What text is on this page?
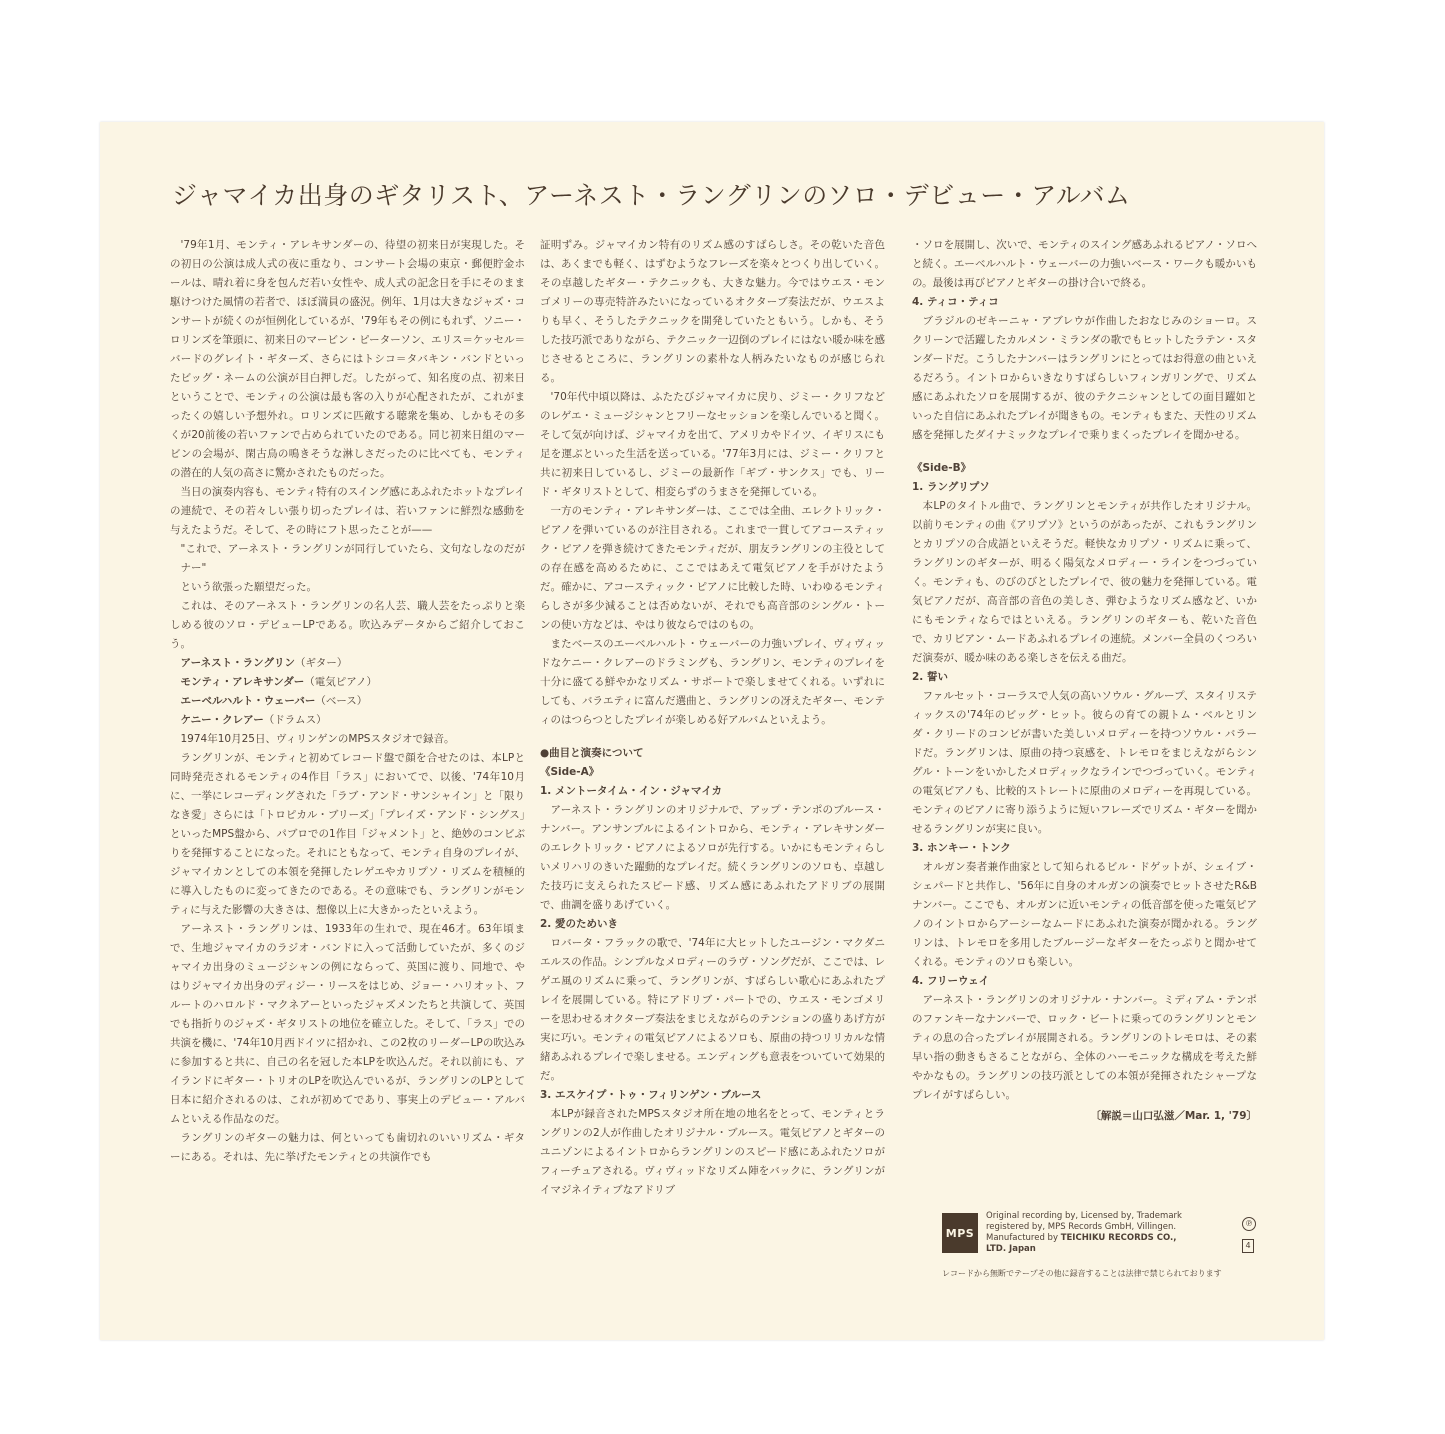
ジャマイカ出身のギタリスト、アーネスト・ラングリンのソロ・デビュー・アルバム

'79年1月、モンティ・アレキサンダーの、待望の初来日が実現した。その初日の公演は成人式の夜に重なり、コンサート会場の東京・郵便貯金ホールは、晴れ着に身を包んだ若い女性や、成人式の記念日を手にそのまま駆けつけた風情の若者で、ほぼ満員の盛況。例年、1月は大きなジャズ・コンサートが続くのが恒例化しているが、'79年もその例にもれず、ソニー・ロリンズを筆頭に、初来日のマービン・ピーターソン、エリス＝ケッセル＝バードのグレイト・ギターズ、さらにはトシコ＝タバキン・バンドといったビッグ・ネームの公演が目白押しだ。したがって、知名度の点、初来日ということで、モンティの公演は最も客の入りが心配されたが、これがまったくの嬉しい予想外れ。ロリンズに匹敵する聴衆を集め、しかもその多くが20前後の若いファンで占められていたのである。同じ初来日組のマービンの会場が、閑古鳥の鳴きそうな淋しさだったのに比べても、モンティの潜在的人気の高さに驚かされたものだった。

当日の演奏内容も、モンティ特有のスイング感にあふれたホットなプレイの連続で、その若々しい張り切ったプレイは、若いファンに鮮烈な感動を与えたようだ。そして、その時にフト思ったことが——

"これで、アーネスト・ラングリンが同行していたら、文句なしなのだがナー"

という欲張った願望だった。

これは、そのアーネスト・ラングリンの名人芸、職人芸をたっぷりと楽しめる彼のソロ・デビューLPである。吹込みデータからご紹介しておこう。

アーネスト・ラングリン（ギター）
モンティ・アレキサンダー（電気ピアノ）
エーベルハルト・ウェーバー（ベース）
ケニー・クレアー（ドラムス）

1974年10月25日、ヴィリンゲンのMPSスタジオで録音。

ラングリンが、モンティと初めてレコード盤で顔を合せたのは、本LPと同時発売されるモンティの4作目「ラス」においてで、以後、'74年10月に、一挙にレコーディングされた「ラブ・アンド・サンシャイン」と「限りなき愛」さらには「トロピカル・ブリーズ」「プレイズ・アンド・シングス」といったMPS盤から、パブロでの1作目「ジャメント」と、絶妙のコンビぶりを発揮することになった。それにともなって、モンティ自身のプレイが、ジャマイカンとしての本領を発揮したレゲエやカリプソ・リズムを積極的に導入したものに変ってきたのである。その意味でも、ラングリンがモンティに与えた影響の大きさは、想像以上に大きかったといえよう。

アーネスト・ラングリンは、1933年の生れで、現在46才。63年頃まで、生地ジャマイカのラジオ・バンドに入って活動していたが、多くのジャマイカ出身のミュージシャンの例にならって、英国に渡り、同地で、やはりジャマイカ出身のディジー・リースをはじめ、ジョー・ハリオット、フルートのハロルド・マクネアーといったジャズメンたちと共演して、英国でも指折りのジャズ・ギタリストの地位を確立した。そして、「ラス」での共演を機に、'74年10月西ドイツに招かれ、この2枚のリーダーLPの吹込みに参加すると共に、自己の名を冠した本LPを吹込んだ。それ以前にも、アイランドにギター・トリオのLPを吹込んでいるが、ラングリンのLPとして日本に紹介されるのは、これが初めてであり、事実上のデビュー・アルバムといえる作品なのだ。

ラングリンのギターの魅力は、何といっても歯切れのいいリズム・ギターにある。それは、先に挙げたモンティとの共演作でも

証明ずみ。ジャマイカン特有のリズム感のすばらしさ。その乾いた音色は、あくまでも軽く、はずむようなフレーズを楽々とつくり出していく。その卓越したギター・テクニックも、大きな魅力。今ではウエス・モンゴメリーの専売特許みたいになっているオクターブ奏法だが、ウエスよりも早く、そうしたテクニックを開発していたともいう。しかも、そうした技巧派でありながら、テクニック一辺倒のプレイにはない暖か味を感じさせるところに、ラングリンの素朴な人柄みたいなものが感じられる。

'70年代中頃以降は、ふたたびジャマイカに戻り、ジミー・クリフなどのレゲエ・ミュージシャンとフリーなセッションを楽しんでいると聞く。そして気が向けば、ジャマイカを出て、アメリカやドイツ、イギリスにも足を運ぶといった生活を送っている。'77年3月には、ジミー・クリフと共に初来日しているし、ジミーの最新作「ギブ・サンクス」でも、リード・ギタリストとして、相変らずのうまさを発揮している。

一方のモンティ・アレキサンダーは、ここでは全曲、エレクトリック・ピアノを弾いているのが注目される。これまで一貫してアコースティック・ピアノを弾き続けてきたモンティだが、朋友ラングリンの主役としての存在感を高めるために、ここではあえて電気ピアノを手がけたようだ。確かに、アコースティック・ピアノに比較した時、いわゆるモンティらしさが多少減ることは否めないが、それでも高音部のシングル・トーンの使い方などは、やはり彼ならではのもの。

またベースのエーベルハルト・ウェーバーの力強いプレイ、ヴィヴィッドなケニー・クレアーのドラミングも、ラングリン、モンティのプレイを十分に盛てる鮮やかなリズム・サポートで楽しませてくれる。いずれにしても、バラエティに富んだ選曲と、ラングリンの冴えたギター、モンティのはつらつとしたプレイが楽しめる好アルバムといえよう。

●曲目と演奏について
《Side-A》
1. メントータイム・イン・ジャマイカ

アーネスト・ラングリンのオリジナルで、アップ・テンポのブルース・ナンバー。アンサンブルによるイントロから、モンティ・アレキサンダーのエレクトリック・ピアノによるソロが先行する。いかにもモンティらしいメリハリのきいた躍動的なプレイだ。続くラングリンのソロも、卓越した技巧に支えられたスピード感、リズム感にあふれたアドリブの展開で、曲調を盛りあげていく。

2. 愛のためいき

ロバータ・フラックの歌で、'74年に大ヒットしたユージン・マクダニエルスの作品。シンプルなメロディーのラヴ・ソングだが、ここでは、レゲエ風のリズムに乗って、ラングリンが、すばらしい歌心にあふれたプレイを展開している。特にアドリブ・パートでの、ウエス・モンゴメリーを思わせるオクターブ奏法をまじえながらのテンションの盛りあげ方が実に巧い。モンティの電気ピアノによるソロも、原曲の持つリリカルな情緒あふれるプレイで楽しませる。エンディングも意表をついていて効果的だ。

3. エスケイプ・トゥ・フィリンゲン・ブルース

本LPが録音されたMPSスタジオ所在地の地名をとって、モンティとラングリンの2人が作曲したオリジナル・ブルース。電気ピアノとギターのユニゾンによるイントロからラングリンのスピード感にあふれたソロがフィーチュアされる。ヴィヴィッドなリズム陣をバックに、ラングリンがイマジネイティブなアドリブ

・ソロを展開し、次いで、モンティのスイング感あふれるピアノ・ソロへと続く。エーベルハルト・ウェーバーの力強いベース・ワークも暖かいもの。最後は再びピアノとギターの掛け合いで終る。

4. ティコ・ティコ

ブラジルのゼキーニャ・アブレウが作曲したおなじみのショーロ。スクリーンで活躍したカルメン・ミランダの歌でもヒットしたラテン・スタンダードだ。こうしたナンバーはラングリンにとってはお得意の曲といえるだろう。イントロからいきなりすばらしいフィンガリングで、リズム感にあふれたソロを展開するが、彼のテクニシャンとしての面目躍如といった自信にあふれたプレイが聞きもの。モンティもまた、天性のリズム感を発揮したダイナミックなプレイで乗りまくったプレイを聞かせる。

《Side-B》
1. ラングリプソ

本LPのタイトル曲で、ラングリンとモンティが共作したオリジナル。以前りモンティの曲《アリプソ》というのがあったが、これもラングリンとカリプソの合成語といえそうだ。軽快なカリプソ・リズムに乗って、ラングリンのギターが、明るく陽気なメロディー・ラインをつづっていく。モンティも、のびのびとしたプレイで、彼の魅力を発揮している。電気ピアノだが、高音部の音色の美しさ、弾むようなリズム感など、いかにもモンティならではといえる。ラングリンのギターも、乾いた音色で、カリビアン・ムードあふれるプレイの連続。メンバー全員のくつろいだ演奏が、暖か味のある楽しさを伝える曲だ。

2. 誓い

ファルセット・コーラスで人気の高いソウル・グループ、スタイリスティックスの'74年のビッグ・ヒット。彼らの育ての親トム・ベルとリンダ・クリードのコンビが書いた美しいメロディーを持つソウル・バラードだ。ラングリンは、原曲の持つ哀感を、トレモロをまじえながらシングル・トーンをいかしたメロディックなラインでつづっていく。モンティの電気ピアノも、比較的ストレートに原曲のメロディーを再現している。モンティのピアノに寄り添うように短いフレーズでリズム・ギターを聞かせるラングリンが実に良い。

3. ホンキー・トンク

オルガン奏者兼作曲家として知られるビル・ドゲットが、シェイブ・シェパードと共作し、'56年に自身のオルガンの演奏でヒットさせたR&Bナンバー。ここでも、オルガンに近いモンティの低音部を使った電気ピアノのイントロからアーシーなムードにあふれた演奏が聞かれる。ラングリンは、トレモロを多用したブルージーなギターをたっぷりと聞かせてくれる。モンティのソロも楽しい。

4. フリーウェイ

アーネスト・ラングリンのオリジナル・ナンバー。ミディアム・テンポのファンキーなナンバーで、ロック・ビートに乗ってのラングリンとモンティの息の合ったプレイが展開される。ラングリンのトレモロは、その素早い指の動きもさることながら、全体のハーモニックな構成を考えた鮮やかなもの。ラングリンの技巧派としての本領が発揮されたシャープなプレイがすばらしい。

〔解説＝山口弘滋／Mar. 1, '79〕
MPS
Original recording by, Licensed by, Trademark
registered by, MPS Records GmbH, Villingen.
Manufactured by TEICHIKU RECORDS CO.,
LTD. Japan
℗
4
レコードから無断でテープその他に録音することは法律で禁じられております
